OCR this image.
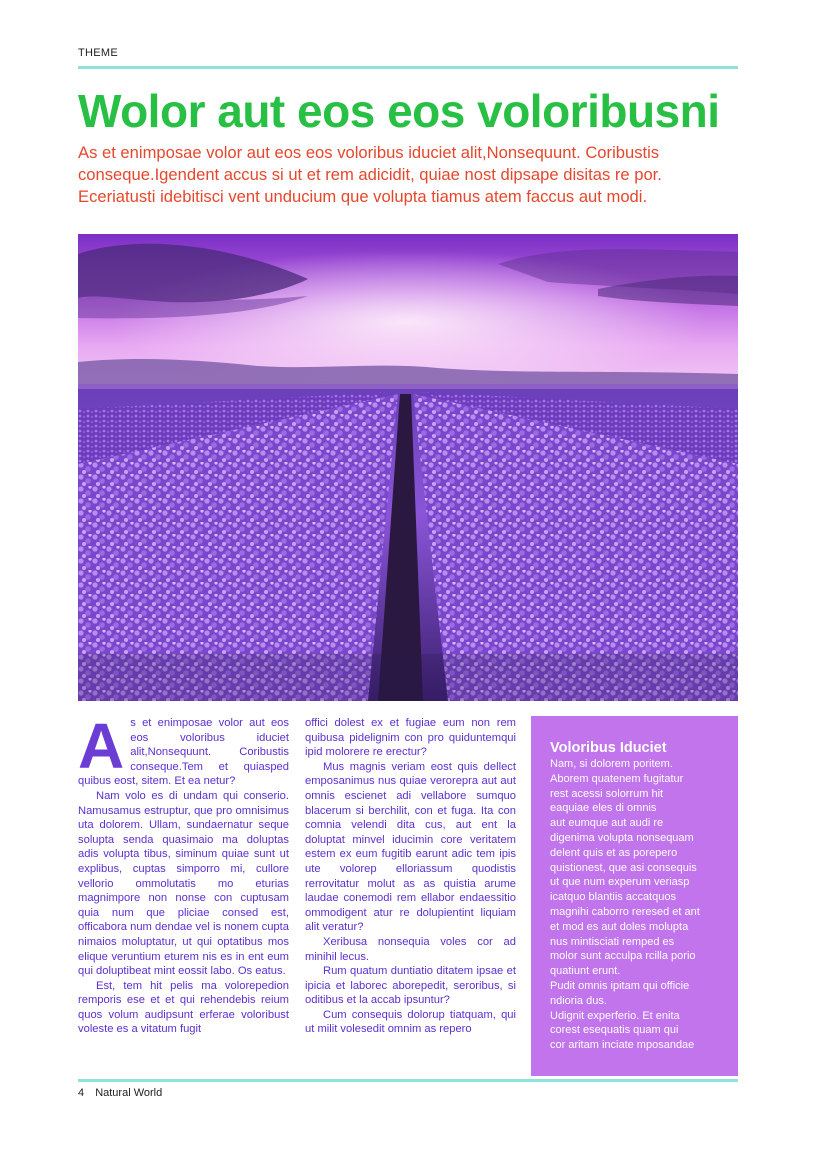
THEME
Wolor aut eos eos voloribusni
As et enimposae volor aut eos eos voloribus iduciet alit,Nonsequunt. Coribustis
conseque.Igendent accus si ut et rem adicidit, quiae nost dipsape disitas re por.
Eceriatusti idebitisci vent unducium que volupta tiamus atem faccus aut modi.

As et enimposae volor aut eos eos voloribus iduciet alit,Nonsequunt. Coribustis conseque.Tem et quiasped quibus eost, sitem. Et ea netur?

Nam volo es di undam qui conserio. Namusamus estruptur, que pro omnisimus uta dolorem. Ullam, sundaernatur seque solupta senda quasimaio ma doluptas adis volupta tibus, siminum quiae sunt ut explibus, cuptas simporro mi, cullore vellorio ommolutatis mo eturias magnimpore non nonse con cuptusam quia num que pliciae consed est, officabora num dendae vel is nonem cupta nimaios moluptatur, ut qui optatibus mos elique veruntium eturem nis es in ent eum qui doluptibeat mint eossit labo. Os eatus.

Est, tem hit pelis ma volorepedion remporis ese et et qui rehendebis reium quos volum audipsunt erferae voloribust voleste es a vitatum fugit

offici dolest ex et fugiae eum non rem quibusa pidelignim con pro quiduntemqui ipid molorere re erectur?

Mus magnis veriam eost quis dellect emposanimus nus quiae verorepra aut aut omnis escienet adi vellabore sumquo blacerum si berchilit, con et fuga. Ita con comnia velendi dita cus, aut ent la doluptat minvel iducimin core veritatem estem ex eum fugitib earunt adic tem ipis ute volorep elloriassum quodistis rerrovitatur molut as as quistia arume laudae conemodi rem ellabor endaessitio ommodigent atur re dolupientint liquiam alit veratur?

Xeribusa nonsequia voles cor ad minihil lecus.

Rum quatum duntiatio ditatem ipsae et ipicia et laboreс aborepedit, seroribus, si oditibus et la accab ipsuntur?

Cum consequis dolorup tiatquam, qui ut milit volesedit omnim as repero

Voloribus Iduciet
Nam, si dolorem poritem.
Aborem quatenem fugitatur
rest acessi solorrum hit
eaquiae eles di omnis
aut eumque aut audi re
digenima volupta nonsequam
delent quis et as porepero
quistionest, que asi consequis
ut que num experum veriasp
icatquo blantiis accatquos
magnihi caborro reresed et ant
et mod es aut doles molupta
nus mintisciati remped es
molor sunt acculpa rcilla porio
quatiunt erunt.
Pudit omnis ipitam qui officie
ndioria dus.
Udignit experferio. Et enita
corest esequatis quam qui
cor aritam inciate mposandae
4 Natural World
